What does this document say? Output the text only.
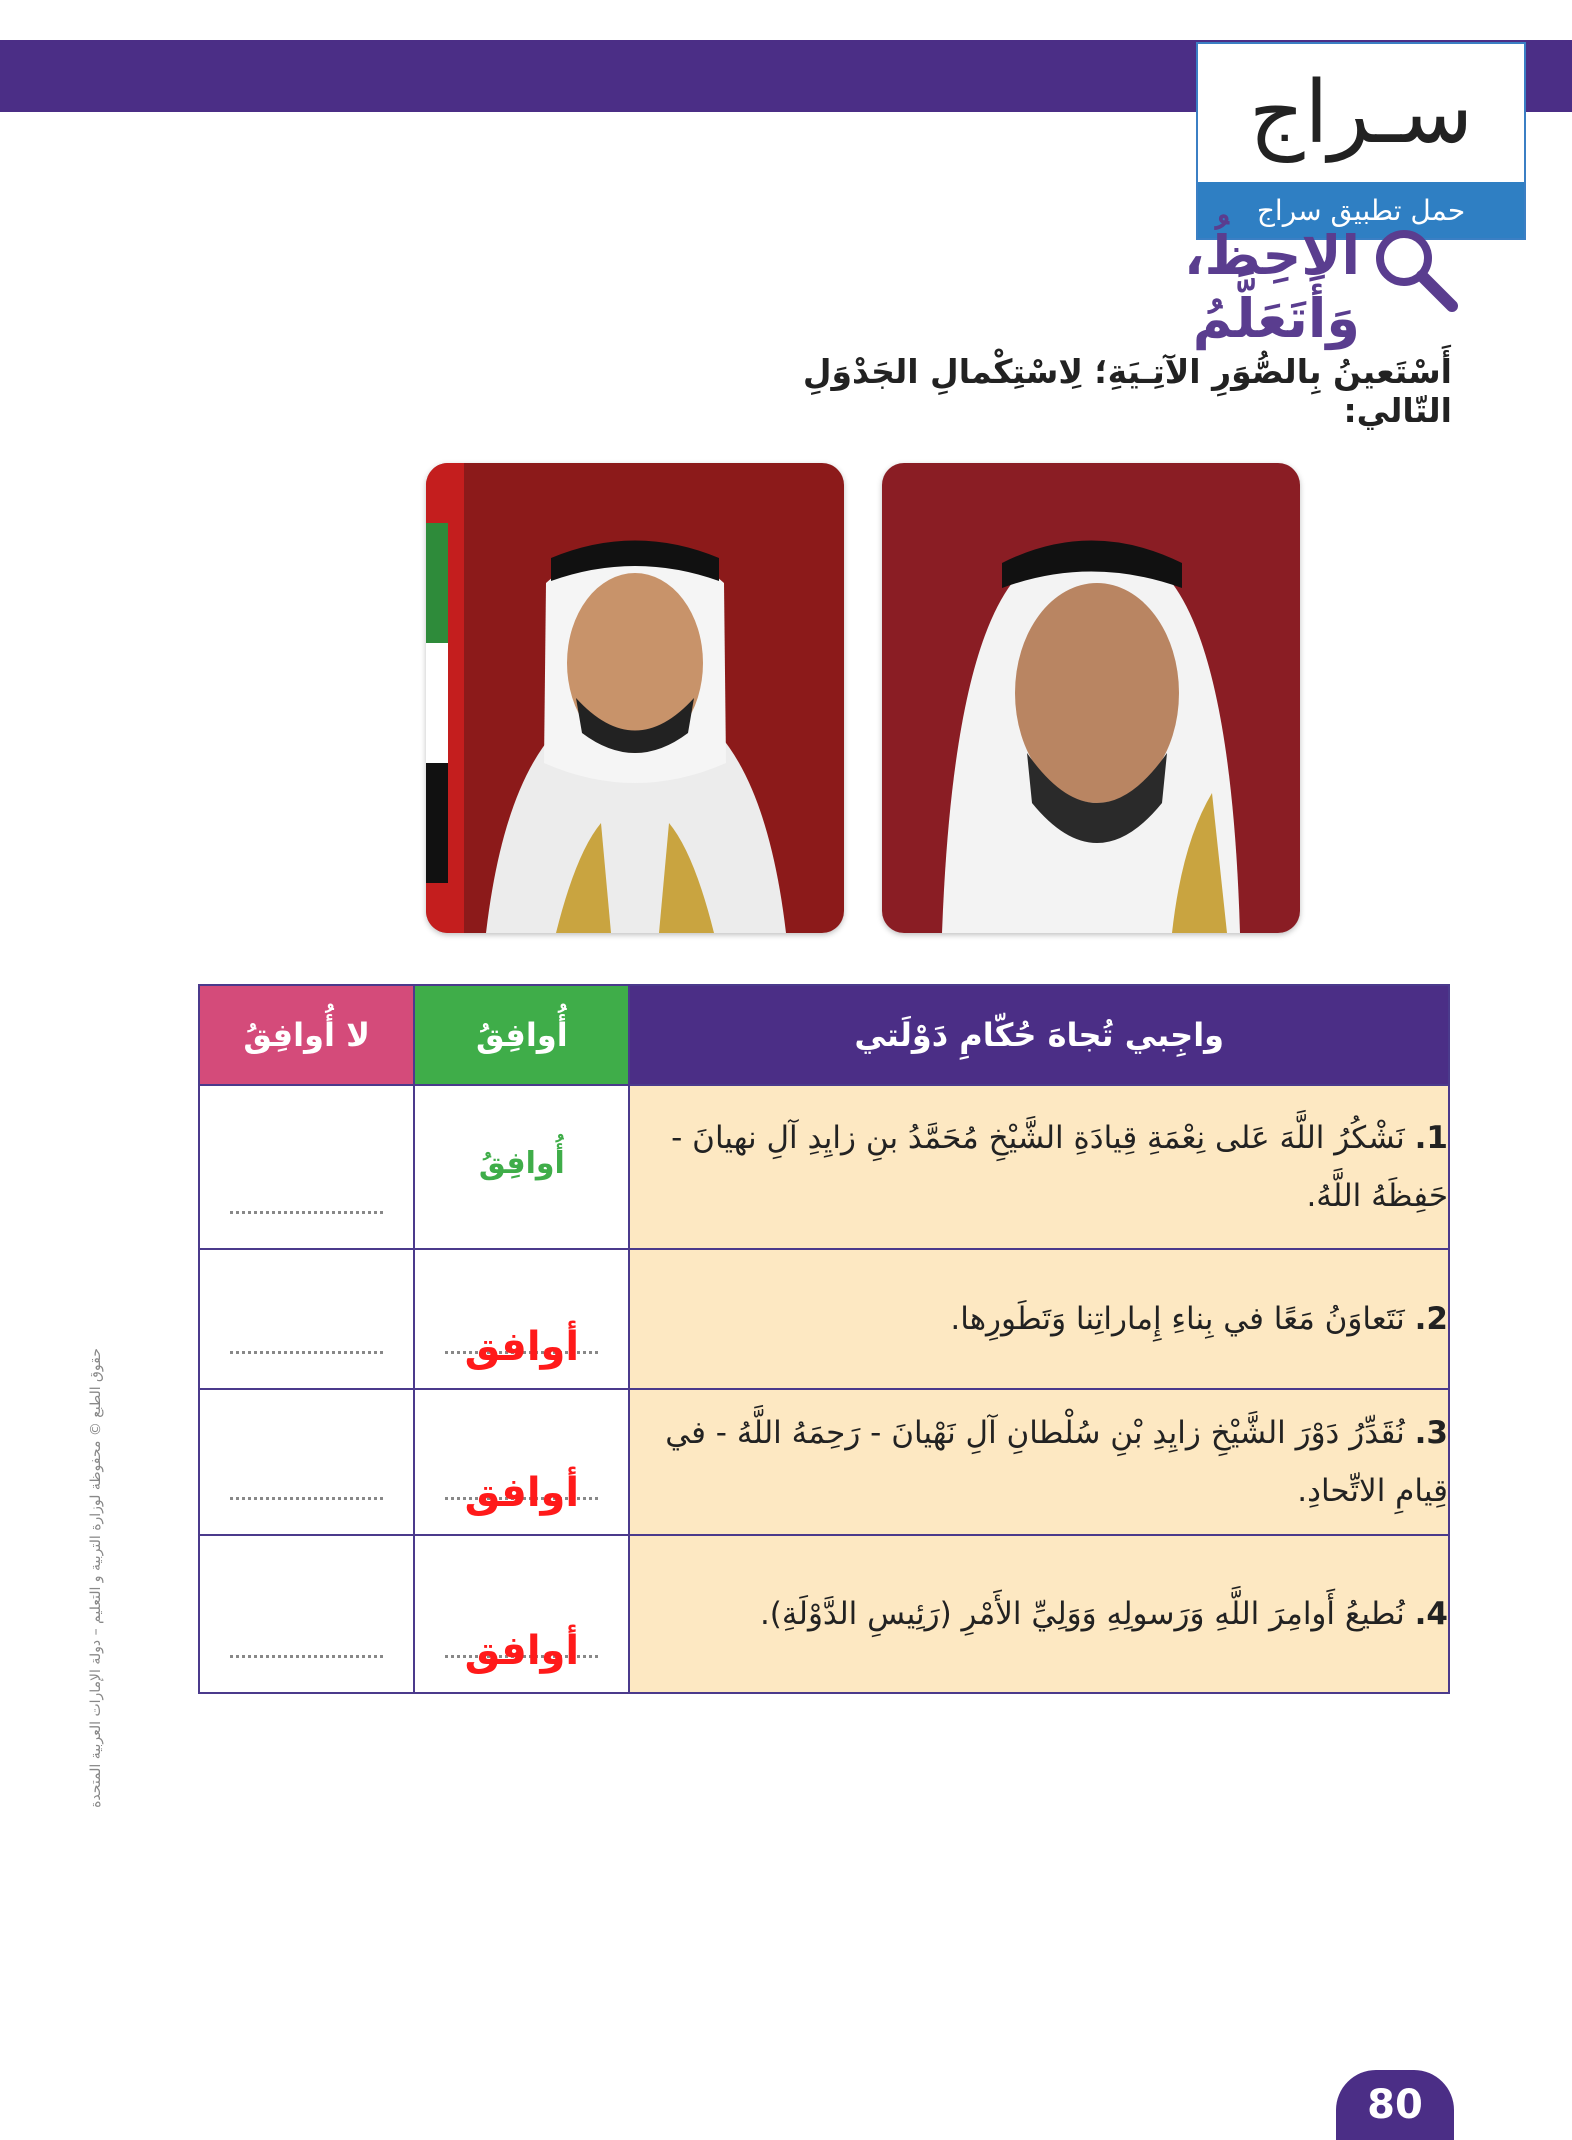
سـراج
حمل تطبيق سراج
الاحِظُ، وَأَتَعَلَّمُ
أَسْتَعينُ بِالصُّوَرِ الآتِـيَةِ؛ لِاسْتِكْمالِ الجَدْوَلِ التّالي:
واجِبي تُجاهَ حُكّامِ دَوْلَتي	أُوافِقُ	لا أُوافِقُ
1. نَشْكُرُ اللَّهَ عَلى نِعْمَةِ قِيادَةِ الشَّيْخِ مُحَمَّدُ بنِ زايِدِ آلِ نهيانَ - حَفِظَهُ اللَّهُ.	أُوافِقُ	

2. نَتَعاوَنُ مَعًا في بِناءِ إِماراتِنا وَتَطَورِها.	أوافق	

3. نُقَدِّرُ دَوْرَ الشَّيْخِ زايِدِ بْنِ سُلْطانِ آلِ نَهْيانَ - رَحِمَهُ اللَّهُ - في قِيامِ الاتِّحادِ.	أوافق	

4. نُطيعُ أَوامِرَ اللَّهِ وَرَسولِهِ وَوَلِيِّ الأَمْرِ (رَئِيسِ الدَّوْلَةِ).	أوافق	

حقوق الطبع © محفوظة لوزارة التربية و التعليم – دولة الإمارات العربية المتحدة
80
